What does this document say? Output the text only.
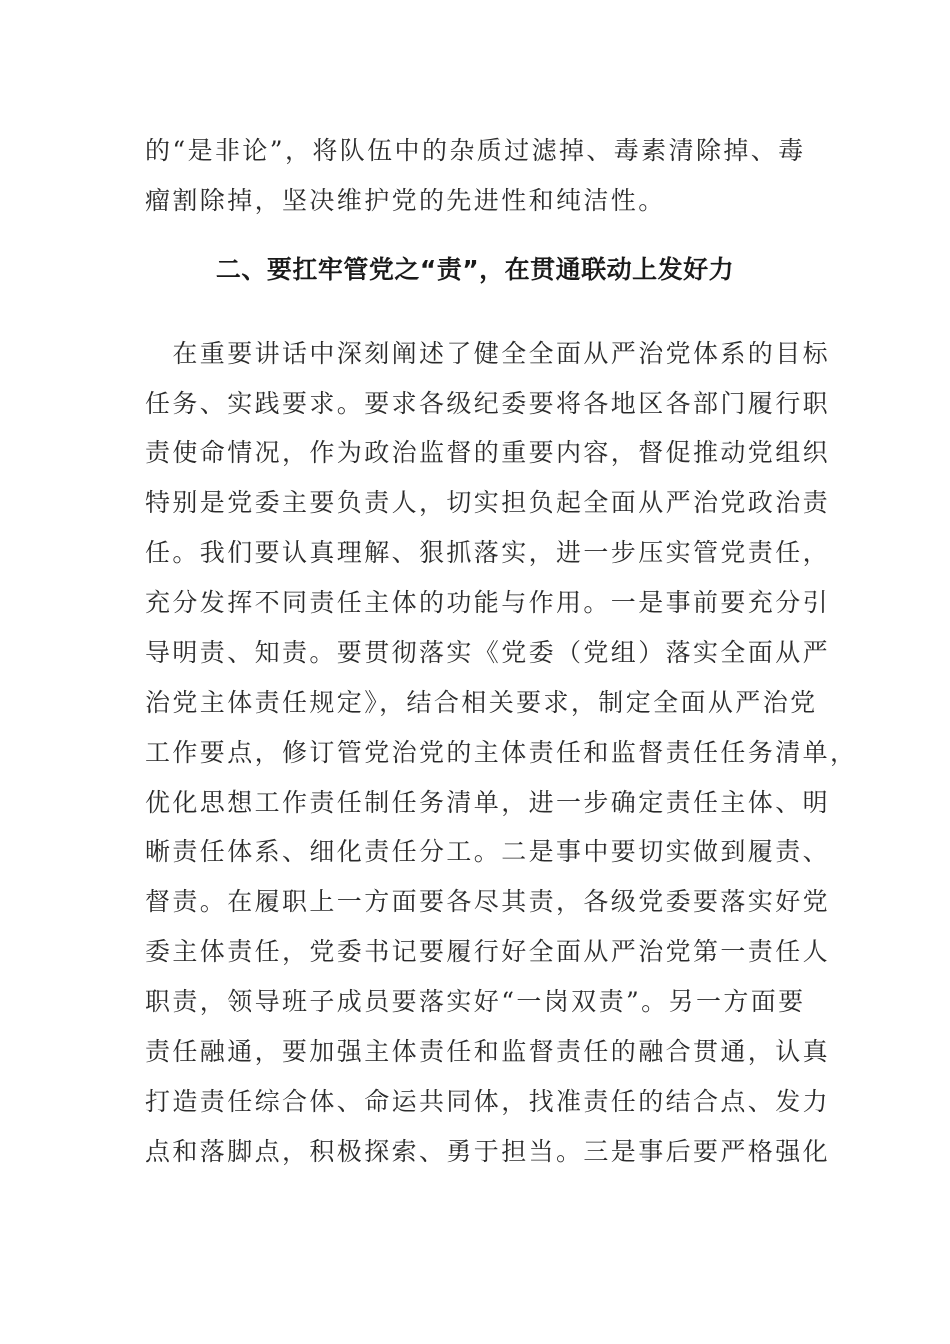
的“是非论”，将队伍中的杂质过滤掉、毒素清除掉、毒
瘤割除掉，坚决维护党的先进性和纯洁性。
二、要扛牢管党之“责”，在贯通联动上发好力
　在重要讲话中深刻阐述了健全全面从严治党体系的目标
任务、实践要求。要求各级纪委要将各地区各部门履行职
责使命情况，作为政治监督的重要内容，督促推动党组织
特别是党委主要负责人，切实担负起全面从严治党政治责
任。我们要认真理解、狠抓落实，进一步压实管党责任，
充分发挥不同责任主体的功能与作用。一是事前要充分引
导明责、知责。要贯彻落实《党委（党组）落实全面从严
治党主体责任规定》，结合相关要求，制定全面从严治党
工作要点，修订管党治党的主体责任和监督责任任务清单，
优化思想工作责任制任务清单，进一步确定责任主体、明
晰责任体系、细化责任分工。二是事中要切实做到履责、
督责。在履职上一方面要各尽其责，各级党委要落实好党
委主体责任，党委书记要履行好全面从严治党第一责任人
职责，领导班子成员要落实好“一岗双责”。另一方面要
责任融通，要加强主体责任和监督责任的融合贯通，认真
打造责任综合体、命运共同体，找准责任的结合点、发力
点和落脚点，积极探索、勇于担当。三是事后要严格强化
